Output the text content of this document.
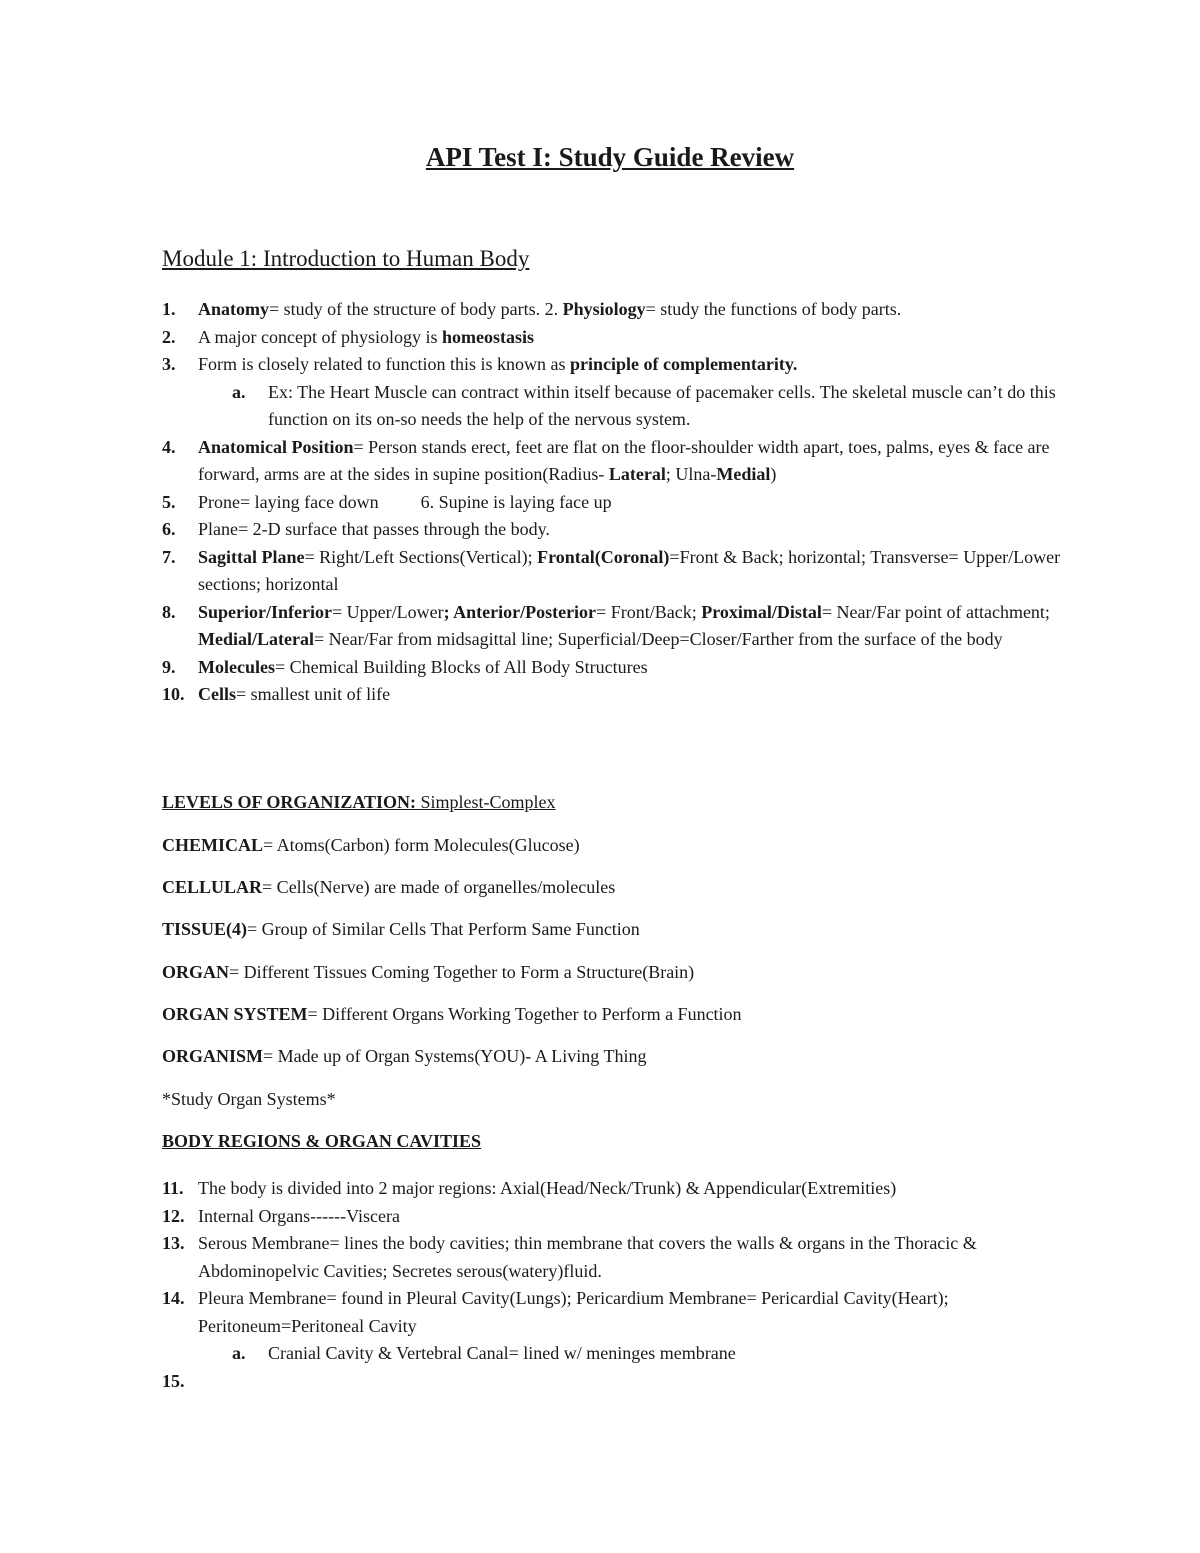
API Test I: Study Guide Review
Module 1: Introduction to Human Body
1.	Anatomy= study of the structure of body parts. 2. Physiology= study the functions of body parts.
2.	A major concept of physiology is homeostasis
3.	Form is closely related to function this is known as principle of complementarity.
a.	Ex: The Heart Muscle can contract within itself because of pacemaker cells. The skeletal muscle can’t do this function on its on-so needs the help of the nervous system.
4.	Anatomical Position= Person stands erect, feet are flat on the floor-shoulder width apart, toes, palms, eyes & face are forward, arms are at the sides in supine position(Radius- Lateral; Ulna-Medial)
5.	Prone= laying face down 6. Supine is laying face up
6.	Plane= 2-D surface that passes through the body.
7.	Sagittal Plane= Right/Left Sections(Vertical); Frontal(Coronal)=Front & Back; horizontal; Transverse= Upper/Lower sections; horizontal
8.	Superior/Inferior= Upper/Lower; Anterior/Posterior= Front/Back; Proximal/Distal= Near/Far point of attachment; Medial/Lateral= Near/Far from midsagittal line; Superficial/Deep=Closer/Farther from the surface of the body
9.	Molecules= Chemical Building Blocks of All Body Structures
10. Cells= smallest unit of life
LEVELS OF ORGANIZATION: Simplest-Complex
CHEMICAL= Atoms(Carbon) form Molecules(Glucose)
CELLULAR= Cells(Nerve) are made of organelles/molecules
TISSUE(4)= Group of Similar Cells That Perform Same Function
ORGAN= Different Tissues Coming Together to Form a Structure(Brain)
ORGAN SYSTEM= Different Organs Working Together to Perform a Function
ORGANISM= Made up of Organ Systems(YOU)- A Living Thing
*Study Organ Systems*
BODY REGIONS & ORGAN CAVITIES
11. The body is divided into 2 major regions: Axial(Head/Neck/Trunk) & Appendicular(Extremities)
12. Internal Organs------Viscera
13. Serous Membrane= lines the body cavities; thin membrane that covers the walls & organs in the Thoracic & Abdominopelvic Cavities; Secretes serous(watery)fluid.
14. Pleura Membrane= found in Pleural Cavity(Lungs); Pericardium Membrane= Pericardial Cavity(Heart); Peritoneum=Peritoneal Cavity
a.	Cranial Cavity & Vertebral Canal= lined w/ meninges membrane
15.
